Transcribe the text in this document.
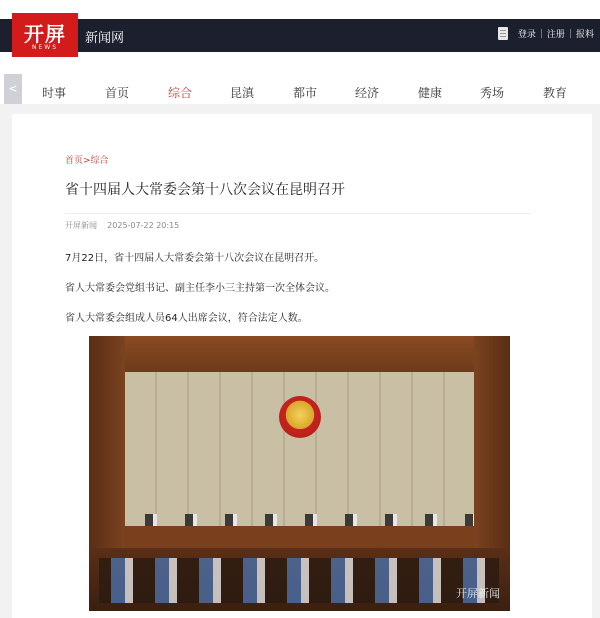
开屏
NEWS
新闻网	登录 | 注册 | 报料
<	时事	首页	综合	昆滇	都市	经济	健康	秀场	教育
首页>综合
省十四届人大常委会第十八次会议在昆明召开
开屏新闻 2025-07-22 20:15
7月22日，省十四届人大常委会第十八次会议在昆明召开。
省人大常委会党组书记、副主任李小三主持第一次全体会议。
省人大常委会组成人员64人出席会议，符合法定人数。
开屏新闻
